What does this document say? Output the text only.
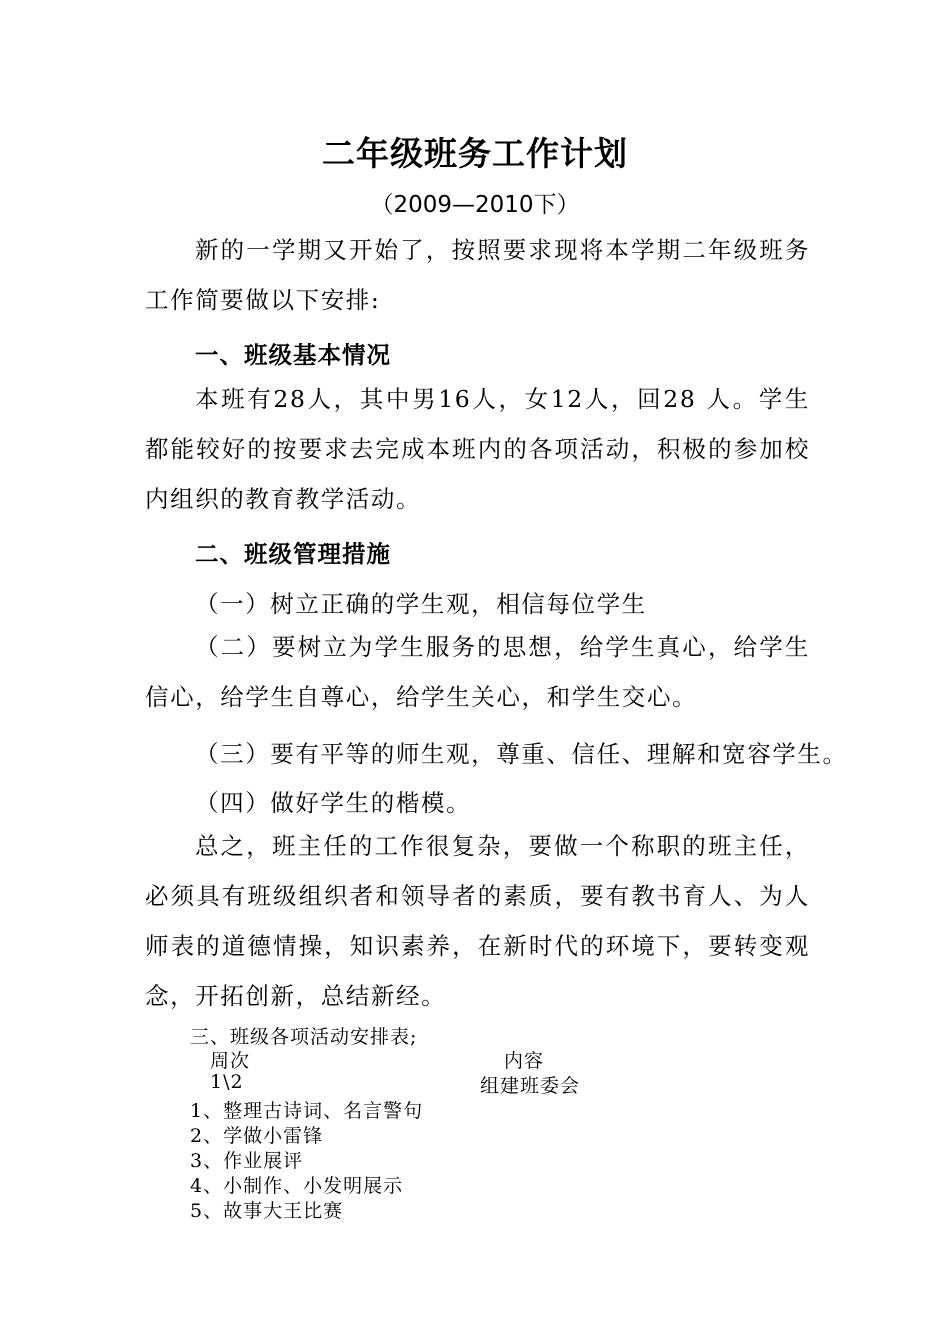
二年级班务工作计划
（2009—2010下）
新的一学期又开始了，按照要求现将本学期二年级班务工作简要做以下安排:
一、班级基本情况
本班有28人，其中男16人，女12人，回28 人。学生都能较好的按要求去完成本班内的各项活动，积极的参加校内组织的教育教学活动。
二、班级管理措施
（一）树立正确的学生观，相信每位学生
（二）要树立为学生服务的思想，给学生真心，给学生信心，给学生自尊心，给学生关心，和学生交心。
（三）要有平等的师生观，尊重、信任、理解和宽容学生。
（四）做好学生的楷模。
总之，班主任的工作很复杂，要做一个称职的班主任，必须具有班级组织者和领导者的素质，要有教书育人、为人师表的道德情操，知识素养，在新时代的环境下，要转变观念，开拓创新，总结新经。
三、班级各项活动安排表;
周次	内容
1\2	组建班委会
1、整理古诗词、名言警句
2、学做小雷锋
3、作业展评
4、小制作、小发明展示
5、故事大王比赛
